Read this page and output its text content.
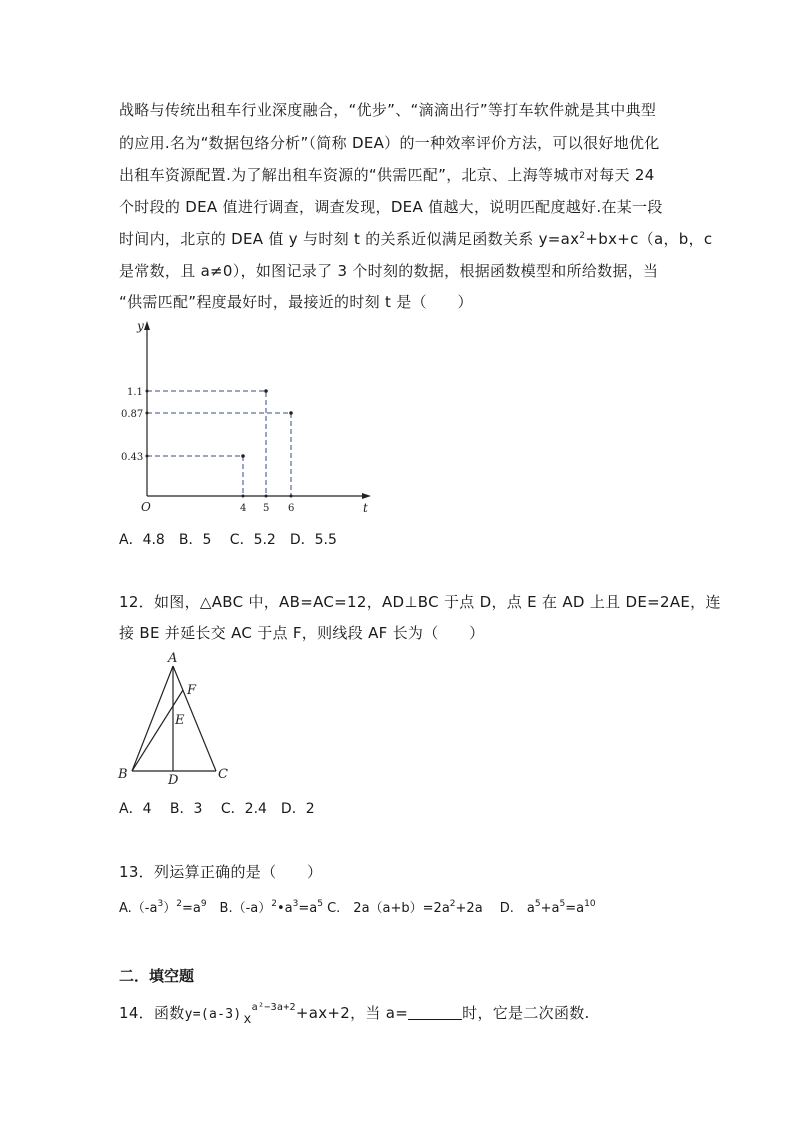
战略与传统出租车行业深度融合，“优步”、“滴滴出行”等打车软件就是其中典型
的应用.名为“数据包络分析”（简称 DEA）的一种效率评价方法，可以很好地优化
出租车资源配置.为了解出租车资源的“供需匹配”，北京、上海等城市对每天 24
个时段的 DEA 值进行调查，调查发现，DEA 值越大，说明匹配度越好.在某一段
时间内，北京的 DEA 值 y 与时刻 t 的关系近似满足函数关系 $y=ax^2+bx+c(a$，b，c
是常数，且 a≠0），如图记录了 3 个时刻的数据，根据函数模型和所给数据，当
“供需匹配”程度最好时，最接近的时刻 t 是（　　）
y
t
O
1.1
0.87
0.43
4 5 6
A．4.8　B．5　 C．5.2　D．5.5
12．如图，△ABC 中，AB=AC=12，AD⊥BC 于点 D，点 E 在 AD 上且 DE=2AE，连
接 BE 并延长交 AC 于点 F，则线段 AF 长为（　　）
A
F
E
B	D	C
A．4　 B．3　 C．2.4　D．2
13．列运算正确的是（　　）
$A.(-a^3)^2=a^9$　$B.(-a)^2•a^3=a^5$ C.　$2a(a+b)=2a^2+2a$　 D.　$a^5+a^5=a^{10}$
二．填空题
14．函数y=(a-3) $x^{a^2-3a+2}+ax+2$，当 a=	时，它是二次函数.
